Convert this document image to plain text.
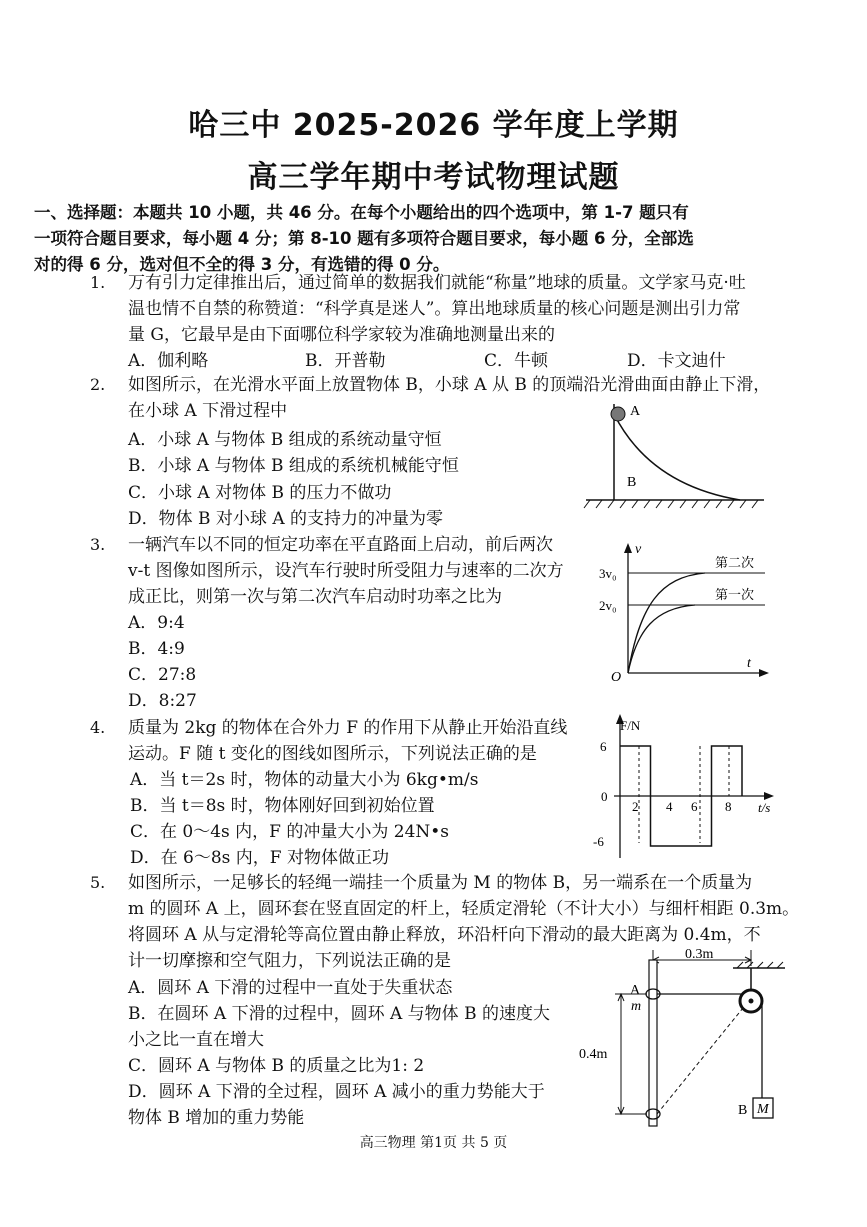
哈三中 2025-2026 学年度上学期
高三学年期中考试物理试题
一、选择题：本题共 10 小题，共 46 分。在每个小题给出的四个选项中，第 1-7 题只有
一项符合题目要求，每小题 4 分；第 8-10 题有多项符合题目要求，每小题 6 分，全部选
对的得 6 分，选对但不全的得 3 分，有选错的得 0 分。
1. 万有引力定律推出后，通过简单的数据我们就能“称量”地球的质量。文学家马克·吐
温也情不自禁的称赞道：“科学真是迷人”。算出地球质量的核心问题是测出引力常
量 G，它最早是由下面哪位科学家较为准确地测量出来的
A．伽利略	B．开普勒	C．牛顿	D．卡文迪什
2. 如图所示，在光滑水平面上放置物体 B，小球 A 从 B 的顶端沿光滑曲面由静止下滑，
在小球 A 下滑过程中
A．小球 A 与物体 B 组成的系统动量守恒
B．小球 A 与物体 B 组成的系统机械能守恒
C．小球 A 对物体 B 的压力不做功
D．物体 B 对小球 A 的支持力的冲量为零
A
B
3. 一辆汽车以不同的恒定功率在平直路面上启动，前后两次
v-t 图像如图所示，设汽车行驶时所受阻力与速率的二次方
成正比，则第一次与第二次汽车启动时功率之比为
A．9:4
B．4:9
C．27:8
D．8:27
v
t
O
3v₀
2v₀
第二次
第一次
4. 质量为 2kg 的物体在合外力 F 的作用下从静止开始沿直线
运动。F 随 t 变化的图线如图所示，下列说法正确的是
A．当 t＝2s 时，物体的动量大小为 6kg•m/s
B．当 t＝8s 时，物体刚好回到初始位置
C．在 0～4s 内，F 的冲量大小为 24N•s
D．在 6～8s 内，F 对物体做正功
F/N
t/s
6
0
-6
2 4 6 8
5. 如图所示，一足够长的轻绳一端挂一个质量为 M 的物体 B，另一端系在一个质量为
m 的圆环 A 上，圆环套在竖直固定的杆上，轻质定滑轮（不计大小）与细杆相距 0.3m。
将圆环 A 从与定滑轮等高位置由静止释放，环沿杆向下滑动的最大距离为 0.4m，不
计一切摩擦和空气阻力，下列说法正确的是
A．圆环 A 下滑的过程中一直处于失重状态
B．在圆环 A 下滑的过程中，圆环 A 与物体 B 的速度大
小之比一直在增大
C．圆环 A 与物体 B 的质量之比为1: 2
D．圆环 A 下滑的全过程，圆环 A 减小的重力势能大于
物体 B 增加的重力势能
0.3m
A
m
0.4m
M
B
高三物理 第1页 共 5 页
